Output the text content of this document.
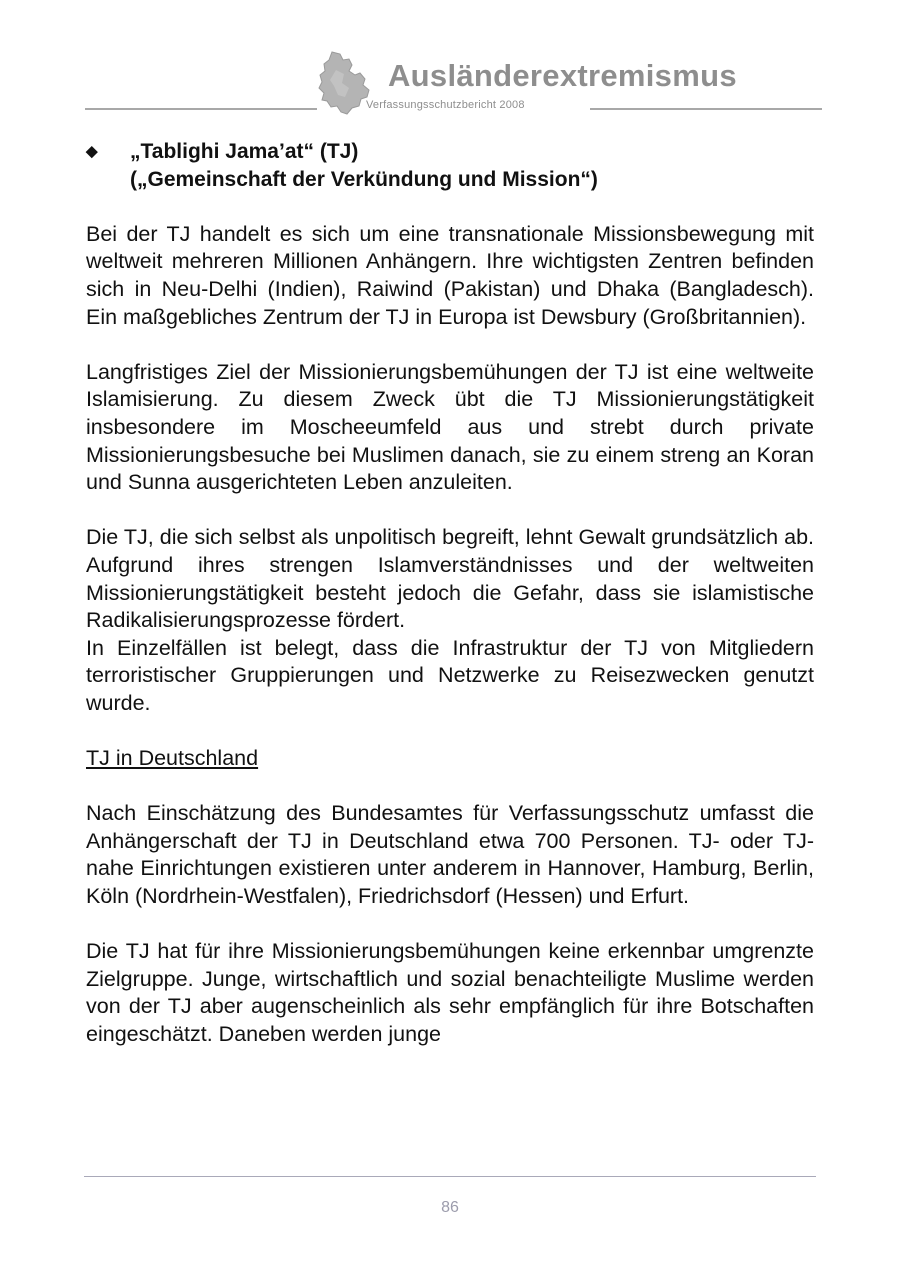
Ausländerextremismus
Verfassungsschutzbericht 2008
◆ „Tablighi Jama’at“ (TJ)
(„Gemeinschaft der Verkündung und Mission“)

Bei der TJ handelt es sich um eine transnationale Missionsbewegung mit weltweit mehreren Millionen Anhängern. Ihre wichtigsten Zentren befinden sich in Neu-Delhi (Indien), Raiwind (Pakistan) und Dhaka (Bangladesch). Ein maßgebliches Zentrum der TJ in Europa ist Dewsbury (Großbritannien).

Langfristiges Ziel der Missionierungsbemühungen der TJ ist eine weltweite Islamisierung. Zu diesem Zweck übt die TJ Missionierungstätigkeit insbesondere im Moscheeumfeld aus und strebt durch private Missionierungsbesuche bei Muslimen danach, sie zu einem streng an Koran und Sunna ausgerichteten Leben anzuleiten.

Die TJ, die sich selbst als unpolitisch begreift, lehnt Gewalt grundsätzlich ab. Aufgrund ihres strengen Islamverständnisses und der weltweiten Missionierungstätigkeit besteht jedoch die Gefahr, dass sie islamistische Radikalisierungsprozesse fördert.

In Einzelfällen ist belegt, dass die Infrastruktur der TJ von Mitgliedern terroristischer Gruppierungen und Netzwerke zu Reisezwecken genutzt wurde.

TJ in Deutschland

Nach Einschätzung des Bundesamtes für Verfassungsschutz umfasst die Anhängerschaft der TJ in Deutschland etwa 700 Personen. TJ- oder TJ-nahe Einrichtungen existieren unter anderem in Hannover, Hamburg, Berlin, Köln (Nordrhein-Westfalen), Friedrichsdorf (Hessen) und Erfurt.

Die TJ hat für ihre Missionierungsbemühungen keine erkennbar umgrenzte Zielgruppe. Junge, wirtschaftlich und sozial benachteiligte Muslime werden von der TJ aber augenscheinlich als sehr empfänglich für ihre Botschaften eingeschätzt. Daneben werden junge

86
